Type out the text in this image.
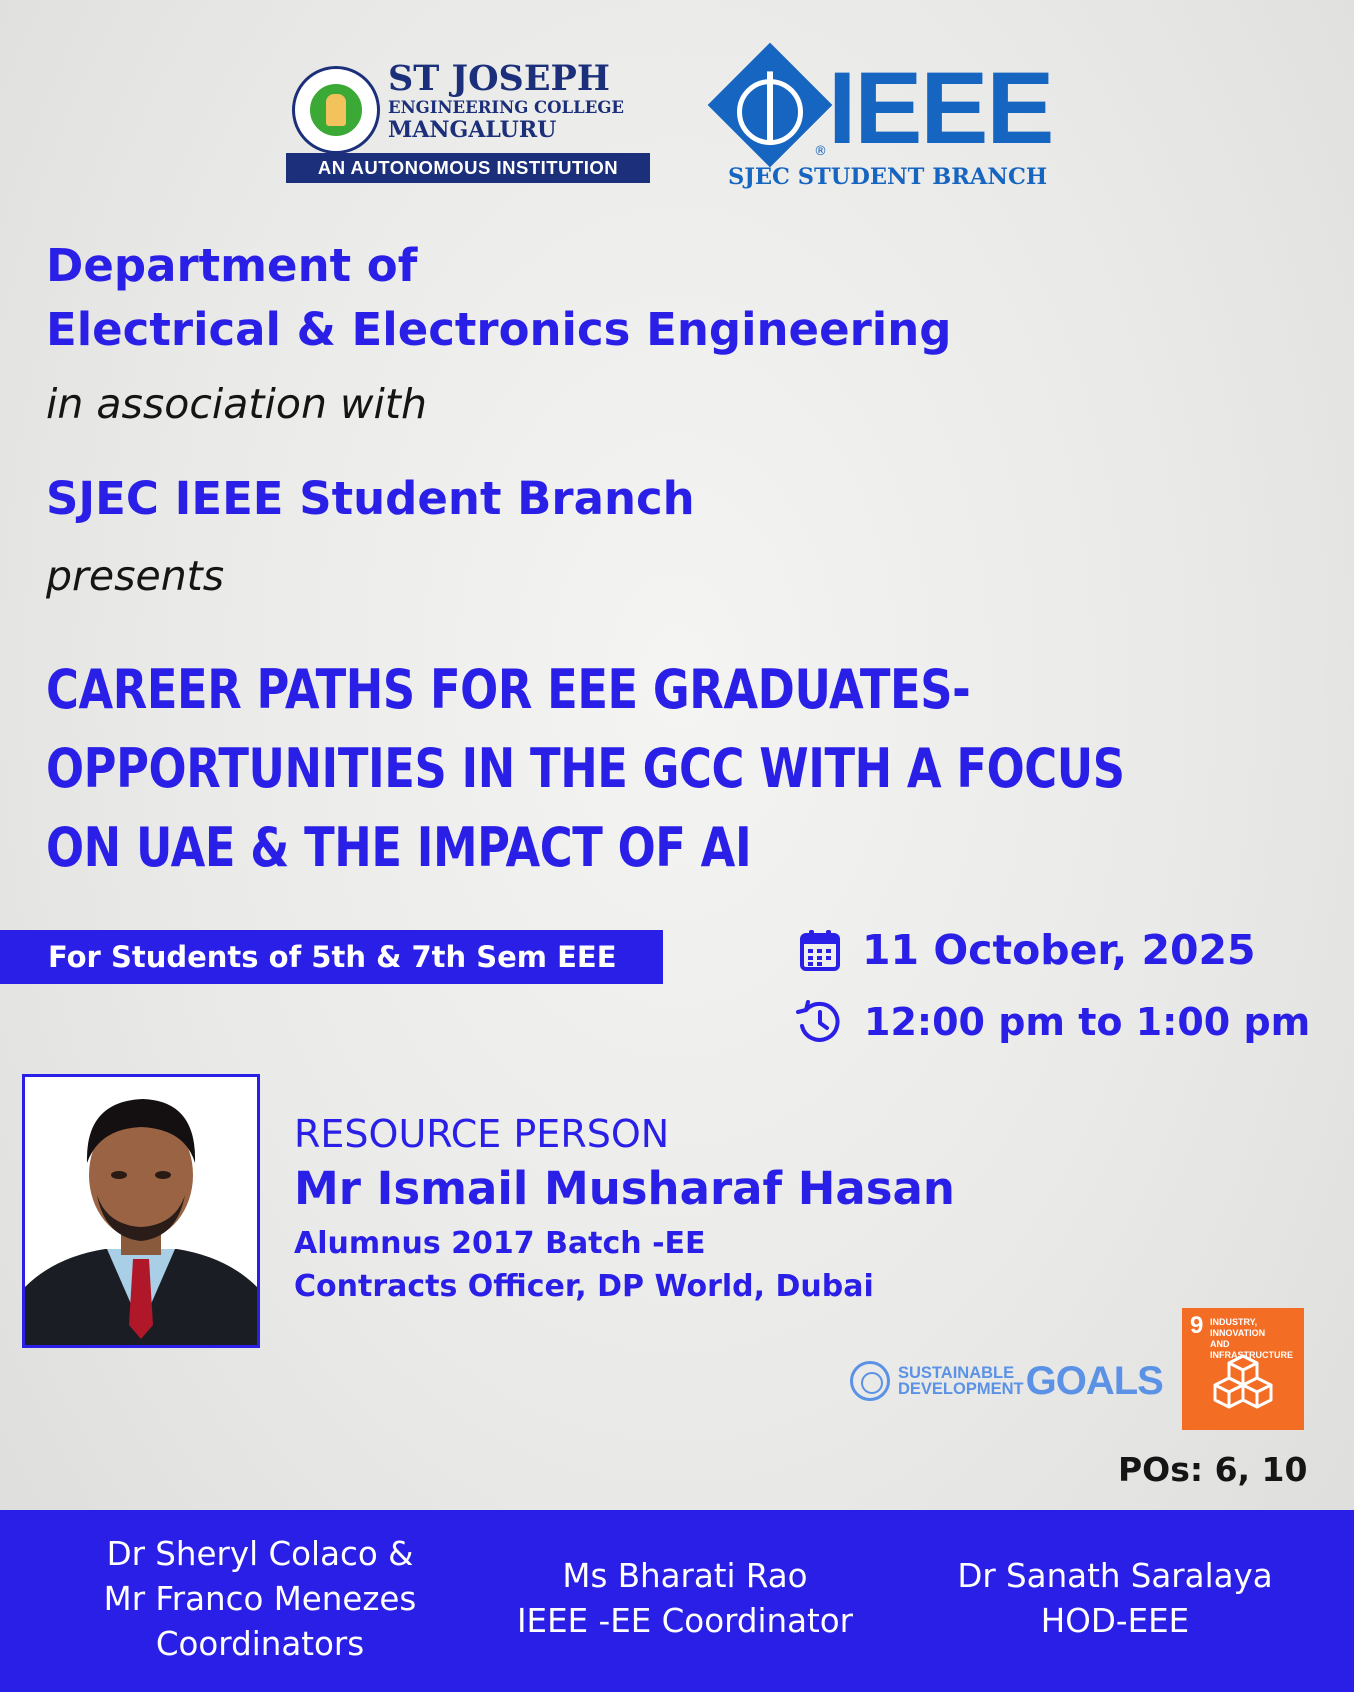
ST JOSEPH
ENGINEERING COLLEGE
MANGALURU
AN AUTONOMOUS INSTITUTION
IEEE
®
SJEC STUDENT BRANCH
Department of
Electrical & Electronics Engineering
in association with
SJEC IEEE Student Branch
presents
CAREER PATHS FOR EEE GRADUATES-
OPPORTUNITIES IN THE GCC WITH A FOCUS
ON UAE & THE IMPACT OF AI
For Students of 5th & 7th Sem EEE	11 October, 2025
12:00 pm to 1:00 pm
RESOURCE PERSON
Mr Ismail Musharaf Hasan
Alumnus 2017 Batch -EE
Contracts Officer, DP World, Dubai
SUSTAINABLE
DEVELOPMENT GOALS
9 INDUSTRY, INNOVATION
AND INFRASTRUCTURE
POs: 6, 10
Dr Sheryl Colaco &
Mr Franco Menezes
Coordinators
Ms Bharati Rao
IEEE -EE Coordinator
Dr Sanath Saralaya
HOD-EEE
